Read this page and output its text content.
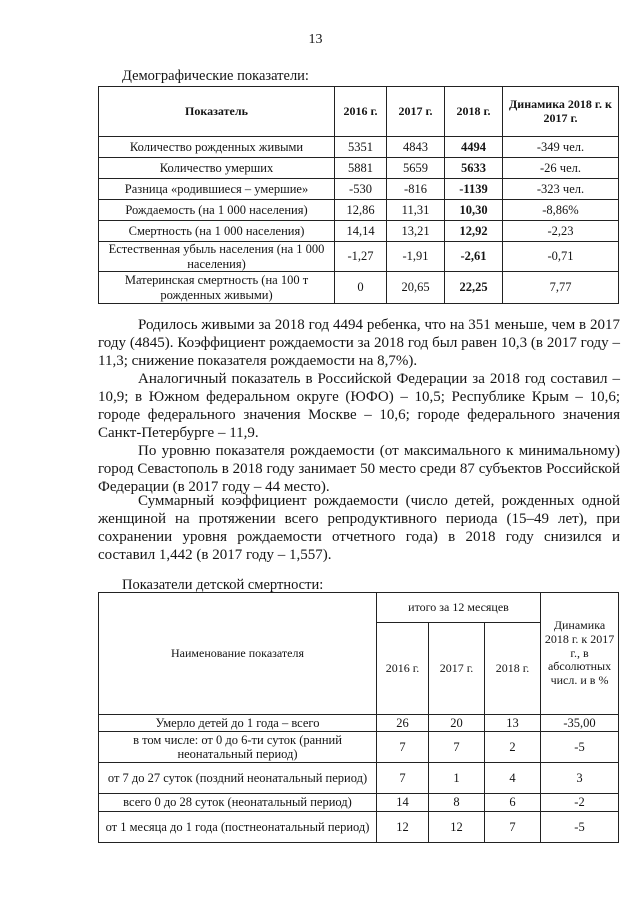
13
Демографические показатели:
Показатель	2016 г.	2017 г.	2018 г.	Динамика 2018 г. к 2017 г.
Количество рожденных живыми	5351	4843	4494	-349 чел.
Количество умерших	5881	5659	5633	-26 чел.
Разница «родившиеся – умершие»	-530	-816	-1139	-323 чел.
Рождаемость (на 1 000 населения)	12,86	11,31	10,30	-8,86%
Смертность (на 1 000 населения)	14,14	13,21	12,92	-2,23
Естественная убыль населения (на 1 000 населения)	-1,27	-1,91	-2,61	-0,71
Материнская смертность (на 100 т рожденных живыми)	0	20,65	22,25	7,77

Родилось живыми за 2018 год 4494 ребенка, что на 351 меньше, чем в 2017 году (4845). Коэффициент рождаемости за 2018 год был равен 10,3 (в 2017 году – 11,3; снижение показателя рождаемости на 8,7%).

Аналогичный показатель в Российской Федерации за 2018 год составил – 10,9; в Южном федеральном округе (ЮФО) – 10,5; Республике Крым – 10,6; городе федерального значения Москве – 10,6; городе федерального значения Санкт-Петербурге – 11,9.

По уровню показателя рождаемости (от максимального к минимальному) город Севастополь в 2018 году занимает 50 место среди 87 субъектов Российской Федерации (в 2017 году – 44 место).

Суммарный коэффициент рождаемости (число детей, рожденных одной женщиной на протяжении всего репродуктивного периода (15–49 лет), при сохранении уровня рождаемости отчетного года) в 2018 году снизился и составил 1,442 (в 2017 году – 1,557).

Показатели детской смертности:
Наименование показателя	итого за 12 месяцев			Динамика 2018 г. к 2017 г., в абсолютных числ. и в %
	2016 г.	2017 г.	2018 г.	
Умерло детей до 1 года – всего	26	20	13	-35,00
в том числе: от 0 до 6-ти суток (ранний неонатальный период)	7	7	2	-5
от 7 до 27 суток (поздний неонатальный период)	7	1	4	3
всего 0 до 28 суток (неонатальный период)	14	8	6	-2
от 1 месяца до 1 года (постнеонатальный период)	12	12	7	-5
